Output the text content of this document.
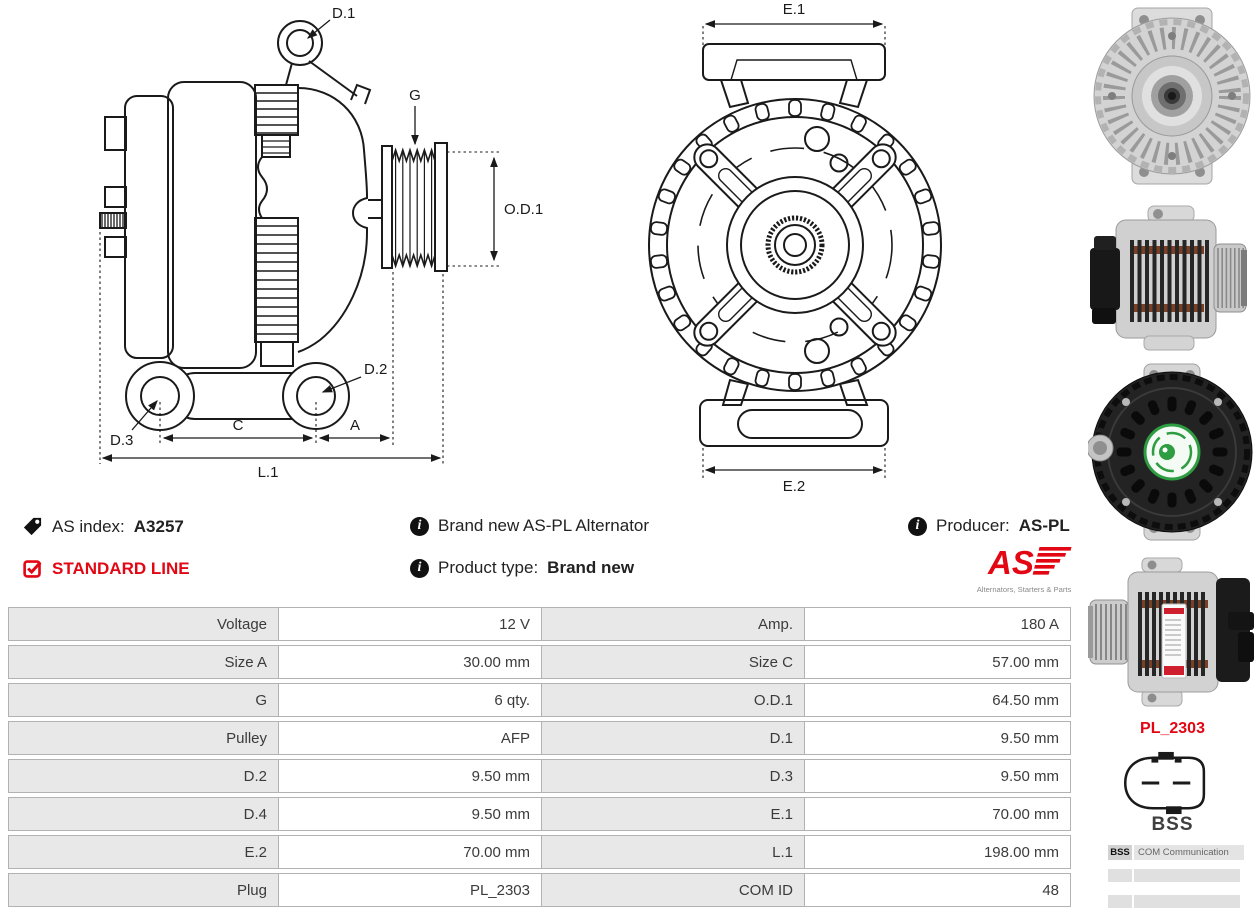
D.1
G
O.D.1
D.2
D.3
C	A
L.1
E.1
E.2
AS index: A3257 i	Brand new AS-PL Alternator i	Producer: AS-PL
STANDARD LINE i	Product type: Brand new	AS
Alternators, Starters & Parts
Voltage	12 V	Amp.	180 A
Size A	30.00 mm	Size C	57.00 mm
G	6 qty.	O.D.1	64.50 mm
Pulley	AFP	D.1	9.50 mm
D.2	9.50 mm	D.3	9.50 mm
D.4	9.50 mm	E.1	70.00 mm
E.2	70.00 mm	L.1	198.00 mm
Plug	PL_2303	COM ID	48
PL_2303
BSS
BSS COM Communication
